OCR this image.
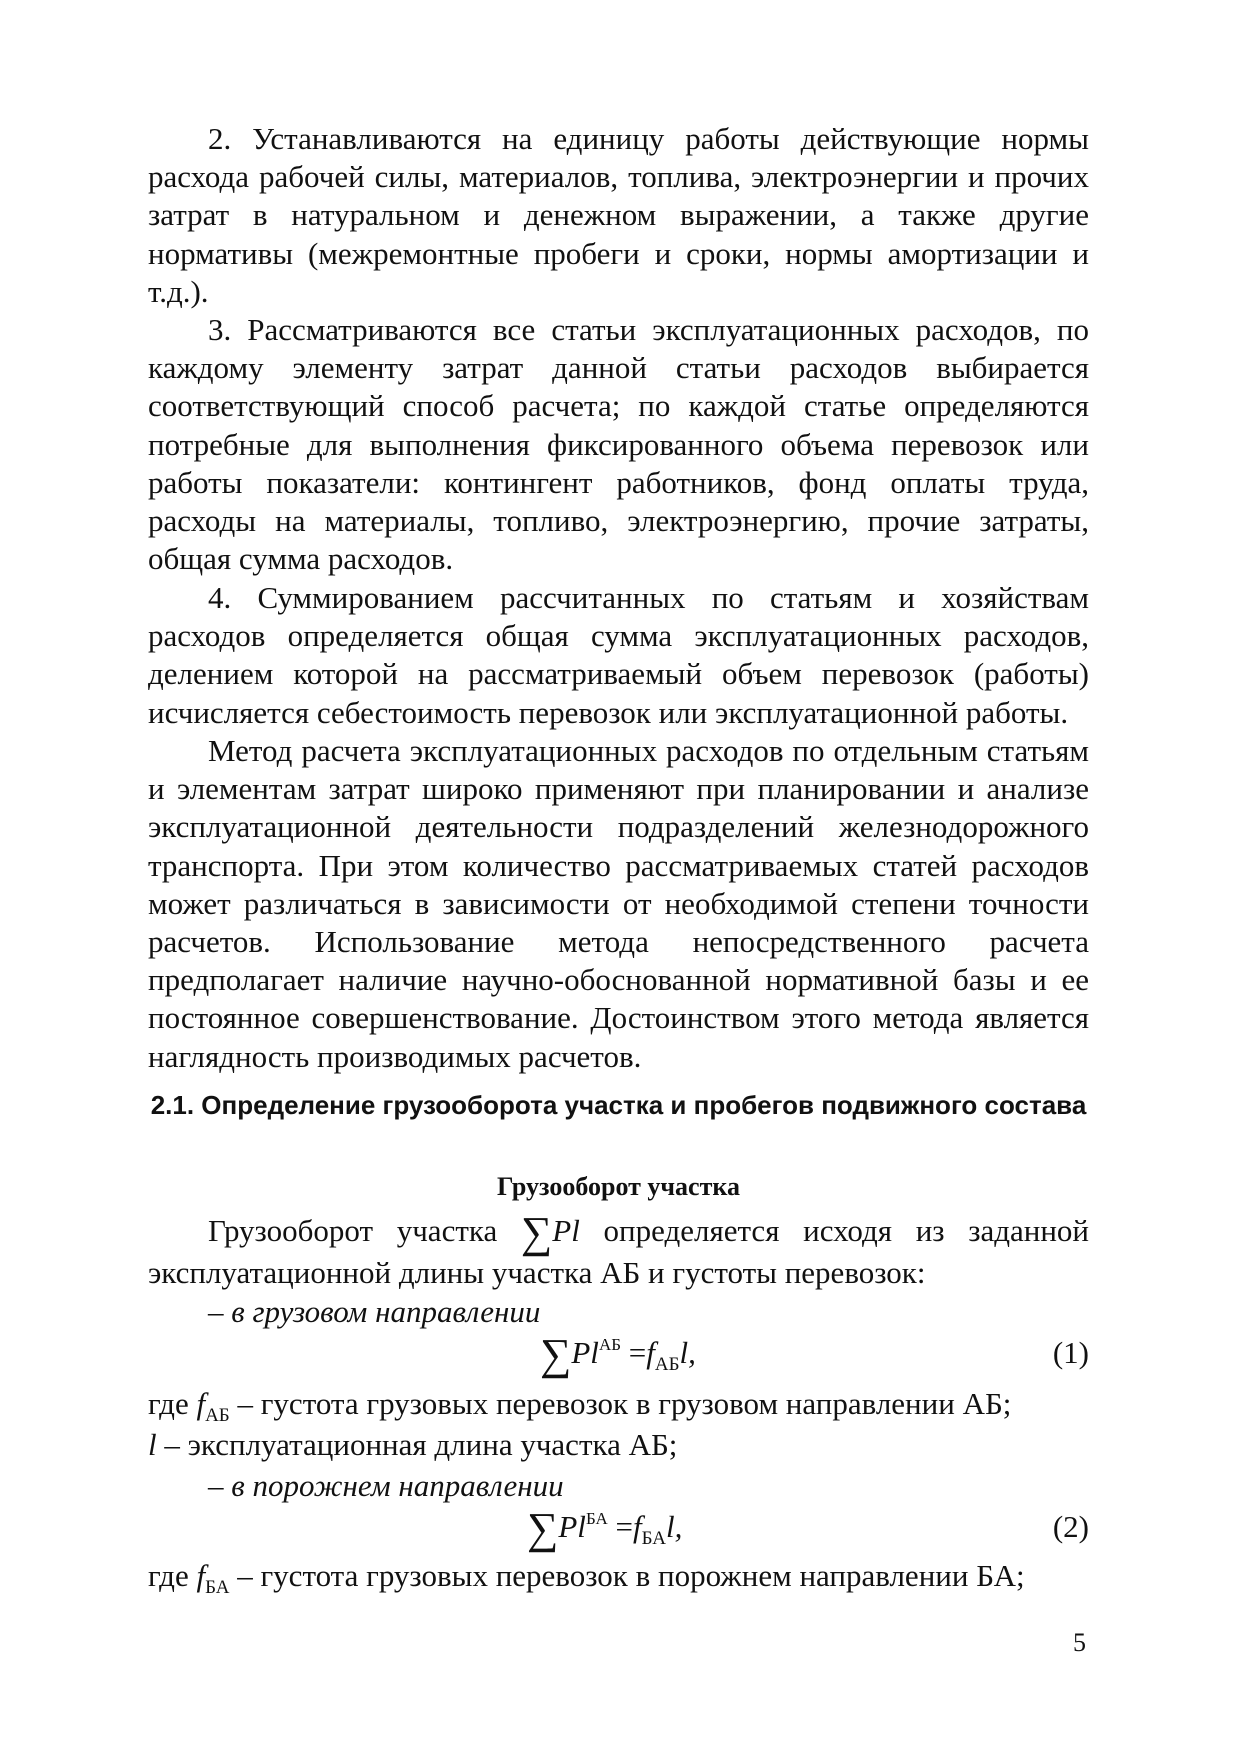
2. Устанавливаются на единицу работы действующие нормы расхода рабочей силы, материалов, топлива, электроэнергии и прочих затрат в натуральном и денежном выражении, а также другие нормативы (межремонтные пробеги и сроки, нормы амортизации и т.д.).

3. Рассматриваются все статьи эксплуатационных расходов, по каждому элементу затрат данной статьи расходов выбирается соответствующий способ расчета; по каждой статье определяются потребные для выполнения фиксированного объема перевозок или работы показатели: контингент работников, фонд оплаты труда, расходы на материалы, топливо, электроэнергию, прочие затраты, общая сумма расходов.

4. Суммированием рассчитанных по статьям и хозяйствам расходов определяется общая сумма эксплуатационных расходов, делением которой на рассматриваемый объем перевозок (работы) исчисляется себестоимость перевозок или эксплуатационной работы.

Метод расчета эксплуатационных расходов по отдельным статьям и элементам затрат широко применяют при планировании и анализе эксплуатационной деятельности подразделений железнодорожного транспорта. При этом количество рассматриваемых статей расходов может различаться в зависимости от необходимой степени точности расчетов. Использование метода непосредственного расчета предполагает наличие научно-обоснованной нормативной базы и ее постоянное совершенствование. Достоинством этого метода является наглядность производимых расчетов.

2.1. Определение грузооборота участка и пробегов подвижного состава

Грузооборот участка

Грузооборот участка ∑Pl определяется исходя из заданной

эксплуатационной длины участка АБ и густоты перевозок:

– в грузовом направлении

$\sum Pl^{АБ} =f_{АБ}l$,	(1)

где $f_{АБ}$ – густота грузовых перевозок в грузовом направлении АБ;

l – эксплуатационная длина участка АБ;

– в порожнем направлении

$\sum Pl^{БА} =f_{БА}l$,	(2)

где $f_{БА}$ – густота грузовых перевозок в порожнем направлении БА;

5
